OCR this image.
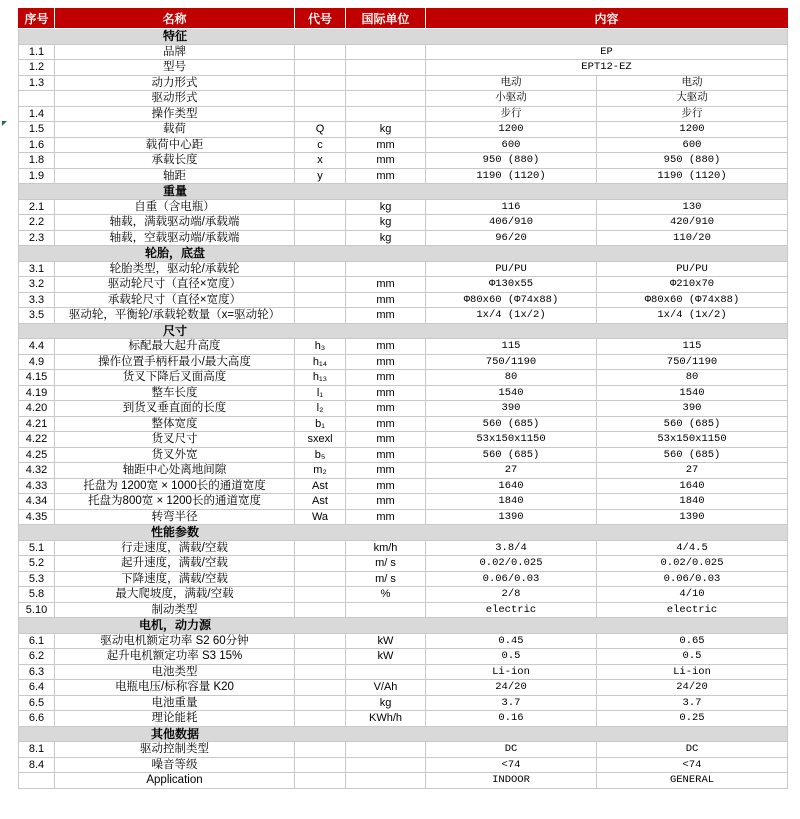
序号	名称	代号	国际单位	内容	

特征					

1.1	品牌			EP	
1.2	型号			EPT12-EZ	
1.3	动力形式			电动	电动
	驱动形式			小驱动	大驱动
1.4	操作类型			步行	步行
1.5	载荷	Q	kg	1200	1200
1.6	载荷中心距	c	mm	600	600
1.8	承载长度	x	mm	950 (880)	950 (880)
1.9	轴距	y	mm	1190 (1120)	1190 (1120)

重量					

2.1	自重（含电瓶）		kg	116	130
2.2	轴载，满载驱动端/承载端		kg	406/910	420/910
2.3	轴载，空载驱动端/承载端		kg	96/20	110/20

轮胎，底盘					

3.1	轮胎类型，驱动轮/承载轮			PU/PU	PU/PU
3.2	驱动轮尺寸（直径×宽度）		mm	Φ130x55	Φ210x70
3.3	承载轮尺寸（直径×宽度）		mm	Φ80x60 (Φ74x88)	Φ80x60 (Φ74x88)
3.5	驱动轮，平衡轮/承载轮数量（x=驱动轮）		mm	1x/4 (1x/2)	1x/4 (1x/2)

尺寸					

4.4	标配最大起升高度	h₃	mm	115	115
4.9	操作位置手柄杆最小/最大高度	h₁₄	mm	750/1190	750/1190
4.15	货叉下降后叉面高度	h₁₃	mm	80	80
4.19	整车长度	l₁	mm	1540	1540
4.20	到货叉垂直面的长度	l₂	mm	390	390
4.21	整体宽度	b₁	mm	560 (685)	560 (685)
4.22	货叉尺寸	sxexl	mm	53x150x1150	53x150x1150
4.25	货叉外宽	b₅	mm	560 (685)	560 (685)
4.32	轴距中心处离地间隙	m₂	mm	27	27
4.33	托盘为 1200宽 × 1000长的通道宽度	Ast	mm	1640	1640
4.34	托盘为800宽 × 1200长的通道宽度	Ast	mm	1840	1840
4.35	转弯半径	Wa	mm	1390	1390

性能参数					

5.1	行走速度，满载/空载		km/h	3.8/4	4/4.5
5.2	起升速度，满载/空载		m/ s	0.02/0.025	0.02/0.025
5.3	下降速度，满载/空载		m/ s	0.06/0.03	0.06/0.03
5.8	最大爬坡度，满载/空载		%	2/8	4/10
5.10	制动类型			electric	electric

电机，动力源					

6.1	驱动电机额定功率 S2 60分钟		kW	0.45	0.65
6.2	起升电机额定功率 S3 15%		kW	0.5	0.5
6.3	电池类型			Li-ion	Li-ion
6.4	电瓶电压/标称容量 K20		V/Ah	24/20	24/20
6.5	电池重量		kg	3.7	3.7
6.6	理论能耗		KWh/h	0.16	0.25

其他数据					

8.1	驱动控制类型			DC	DC
8.4	噪音等级			<74	<74
	Application			INDOOR	GENERAL
